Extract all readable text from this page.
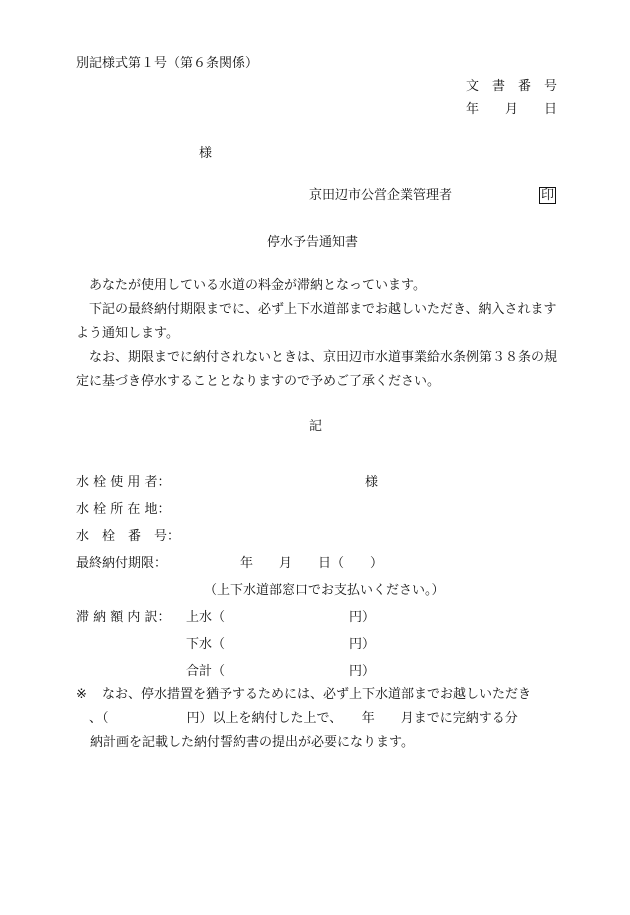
別記様式第１号（第６条関係）
文　書　番　号
年　　月　　日
様
京田辺市公営企業管理者	印
停水予告通知書
あなたが使用している水道の料金が滞納となっています。
下記の最終納付期限までに、必ず上下水道部までお越しいただき、納入されますよう通知します。
なお、期限までに納付されないときは、京田辺市水道事業給水条例第３８条の規定に基づき停水することとなりますので予めご了承ください。
記
水 栓 使 用 者：	様
水 栓 所 在 地：
水　栓　番　号：
最終納付期限：	年　　月　　日（　　）
（上下水道部窓口でお支払いください。）
滞 納 額 内 訳： 上水（	円）
下水（	円）
合計（	円）
※ なお、停水措置を猶予するためには、必ず上下水道部までお越しいただき
、（　　　　　　円）以上を納付した上で、　　年　　月までに完納する分
納計画を記載した納付誓約書の提出が必要になります。
